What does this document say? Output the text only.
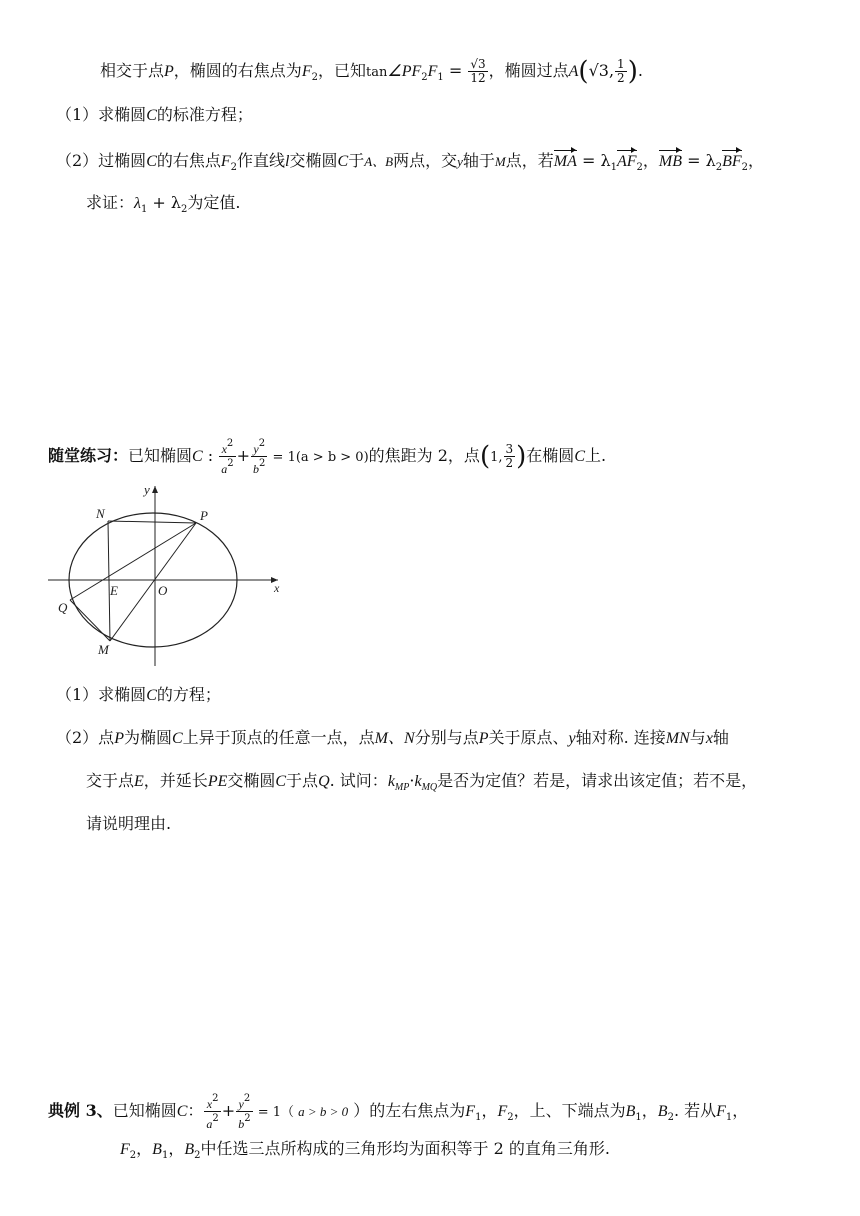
相交于点P，椭圆的右焦点为$F_2$，已知$\tan\angle PF_2F_1 = \frac{√3}{12}$ ，椭圆过点A(√3, $\frac{1}{2}$ ).
（1）求椭圆C的标准方程；
（2）过椭圆C的右焦点$F_2$作直线l交椭圆C于A、B两点，交y轴于M点，若MA = $\lambda_1AF_2$，MB = $\lambda_2BF_2$，
求证：$\lambda_1 + \lambda_2$为定值.
随堂练习：已知椭圆C : $\frac{x^2}{a^2} + \frac{y^2}{b^2} = 1(a > b > 0)$的焦距为 2，点(1, $\frac{3}{2}$ )在椭圆C上.
y
N	P
E	O	x
Q
M
（1）求椭圆C的方程；
（2）点P为椭圆C上异于顶点的任意一点，点M、N分别与点P关于原点、y轴对称. 连接MN与x轴
交于点E，并延长PE交椭圆C于点Q. 试问：$k_{MP}\cdot k_{MQ}$是否为定值？若是，请求出该定值；若不是，
请说明理由.
典例 3、已知椭圆C： $\frac{x^2}{a^2} + \frac{y^2}{b^2} = 1$（ a > b > 0 ）的左右焦点为$F_1$，$F_2$，上、下端点为$B_1$，$B_2$. 若从$F_1$，
$F_2$，$B_1$，$B_2$中任选三点所构成的三角形均为面积等于 2 的直角三角形.
